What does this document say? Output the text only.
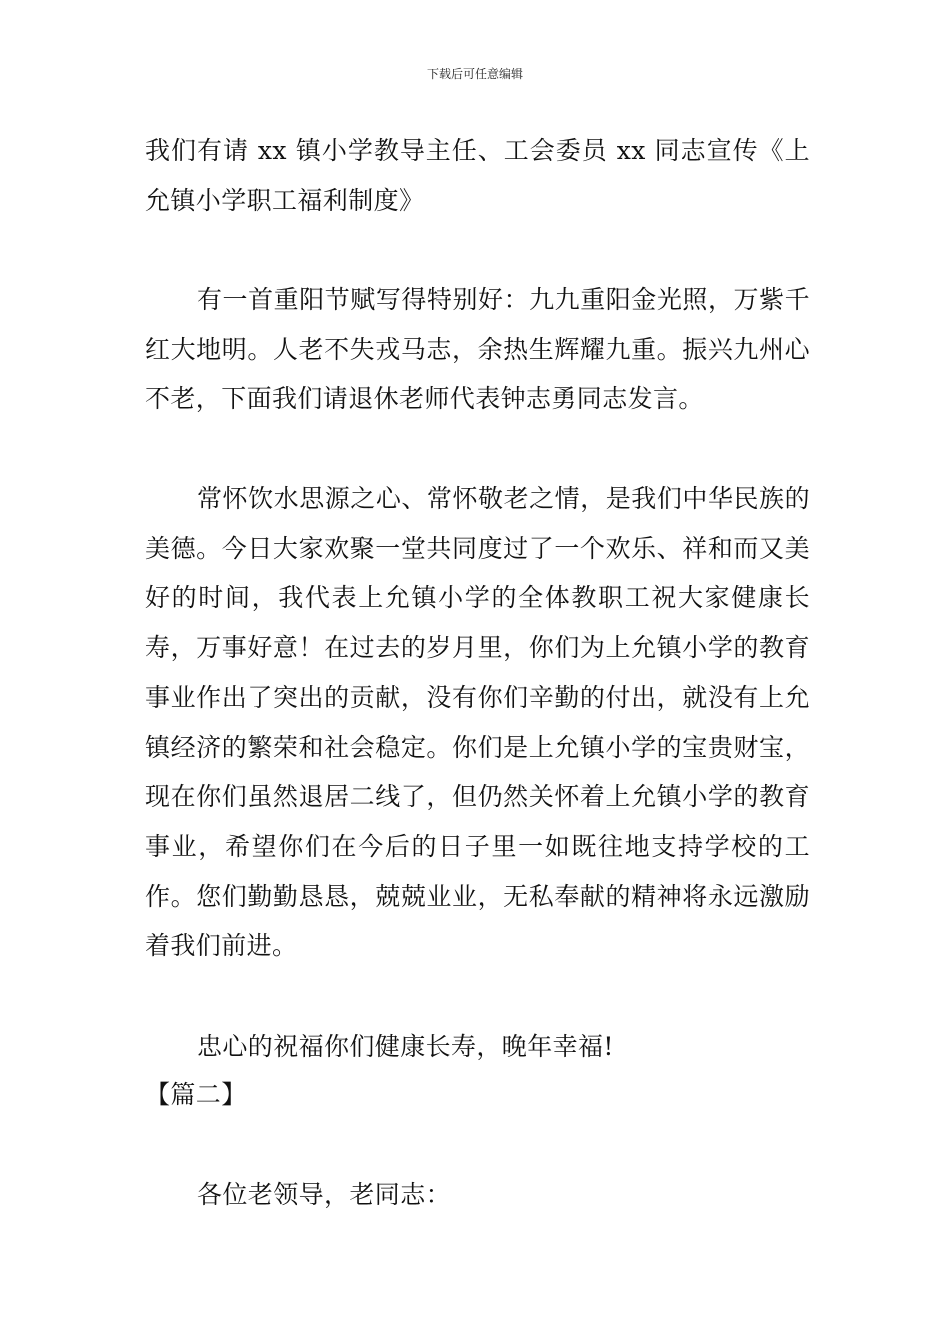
下载后可任意编辑

我们有请 xx 镇小学教导主任、工会委员 xx 同志宣传《上允镇小学职工福利制度》

有一首重阳节赋写得特别好：九九重阳金光照，万紫千红大地明。人老不失戎马志，余热生辉耀九重。振兴九州心不老，下面我们请退休老师代表钟志勇同志发言。

常怀饮水思源之心、常怀敬老之情，是我们中华民族的美德。今日大家欢聚一堂共同度过了一个欢乐、祥和而又美好的时间，我代表上允镇小学的全体教职工祝大家健康长寿，万事好意！在过去的岁月里，你们为上允镇小学的教育事业作出了突出的贡献，没有你们辛勤的付出，就没有上允镇经济的繁荣和社会稳定。你们是上允镇小学的宝贵财宝，现在你们虽然退居二线了，但仍然关怀着上允镇小学的教育事业，希望你们在今后的日子里一如既往地支持学校的工作。您们勤勤恳恳，兢兢业业，无私奉献的精神将永远激励着我们前进。

忠心的祝福你们健康长寿，晚年幸福!

【篇二】

各位老领导，老同志：
